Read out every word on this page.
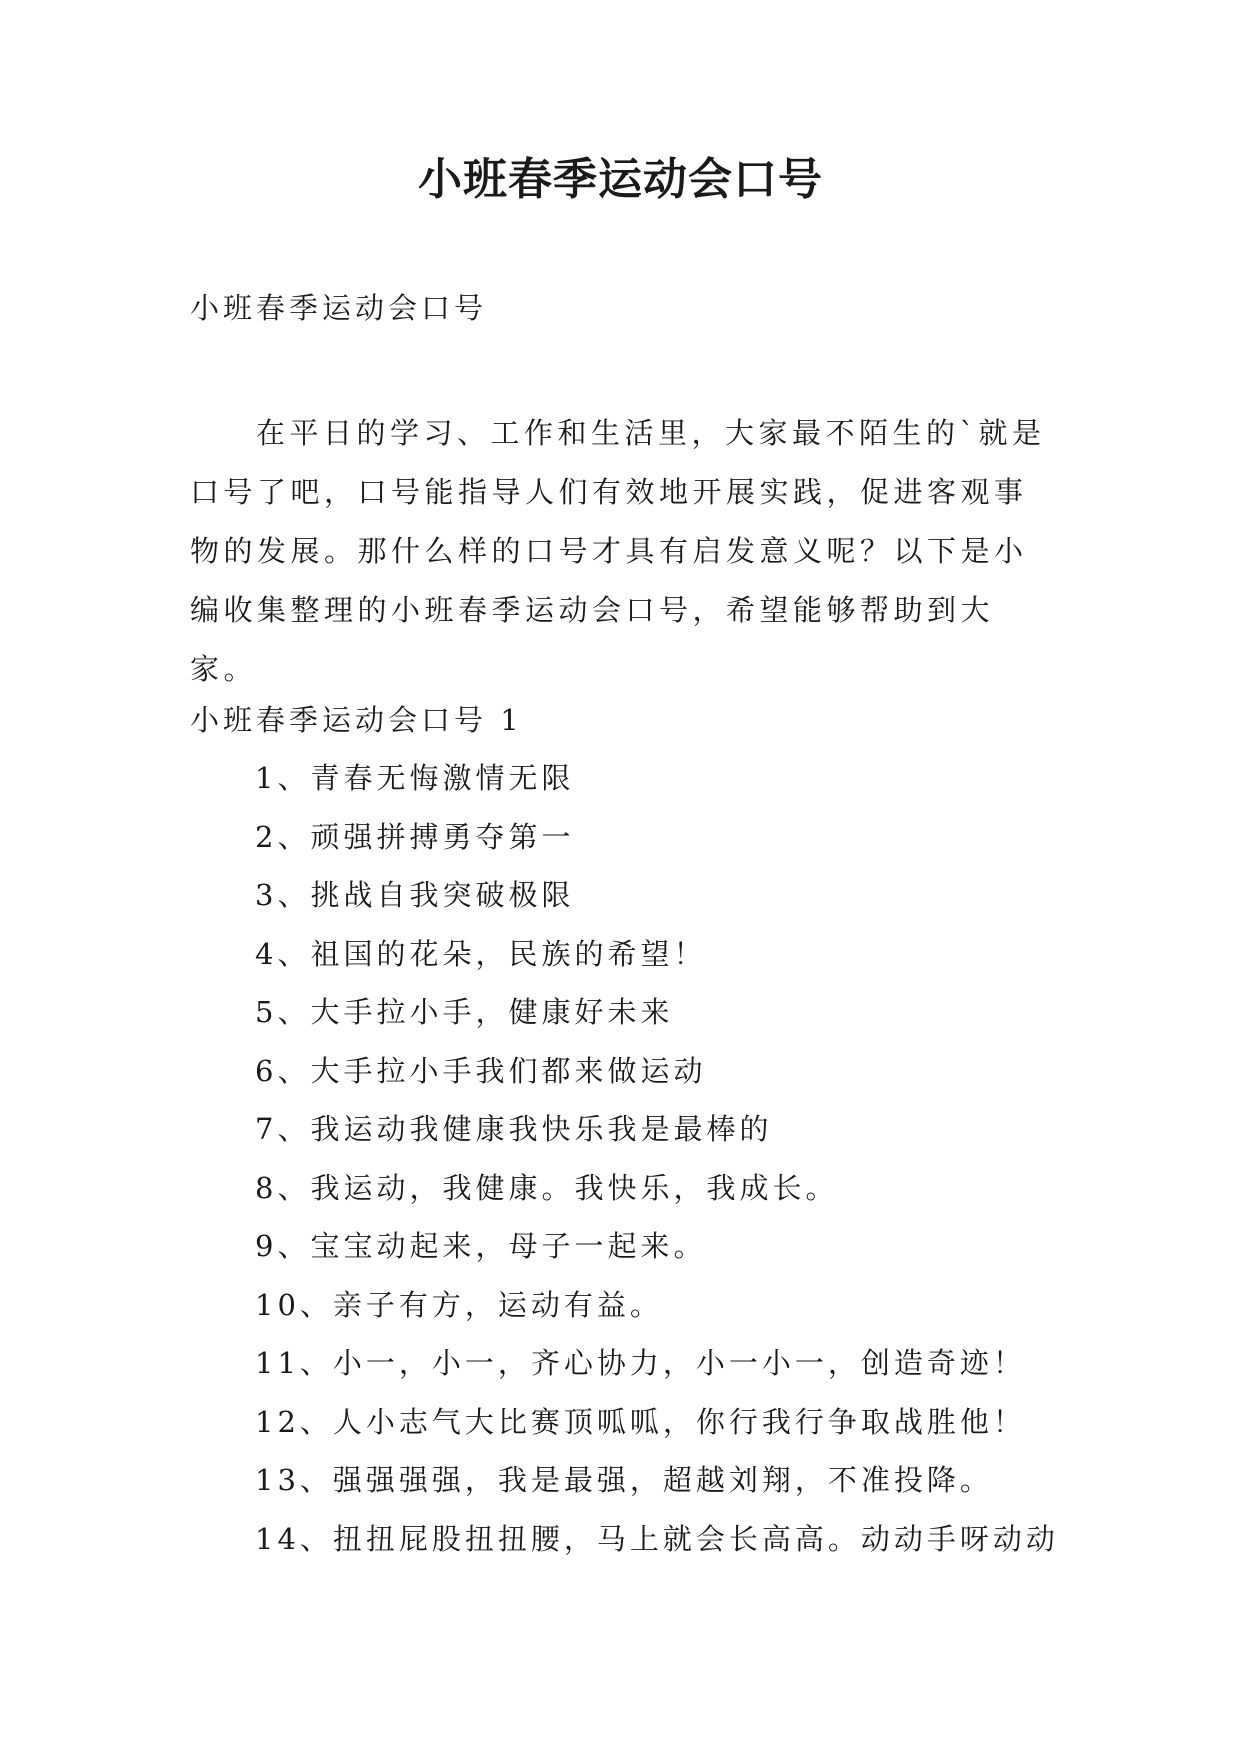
小班春季运动会口号
小班春季运动会口号

在平日的学习、工作和生活里，大家最不陌生的`就是口号了吧，口号能指导人们有效地开展实践，促进客观事物的发展。那什么样的口号才具有启发意义呢？以下是小编收集整理的小班春季运动会口号，希望能够帮助到大家。

小班春季运动会口号 1
1、青春无悔激情无限
2、顽强拼搏勇夺第一
3、挑战自我突破极限
4、祖国的花朵，民族的希望！
5、大手拉小手，健康好未来
6、大手拉小手我们都来做运动
7、我运动我健康我快乐我是最棒的
8、我运动，我健康。我快乐，我成长。
9、宝宝动起来，母子一起来。
10、亲子有方，运动有益。
11、小一，小一，齐心协力，小一小一，创造奇迹！
12、人小志气大比赛顶呱呱，你行我行争取战胜他！
13、强强强强，我是最强，超越刘翔，不准投降。
14、扭扭屁股扭扭腰，马上就会长高高。动动手呀动动
